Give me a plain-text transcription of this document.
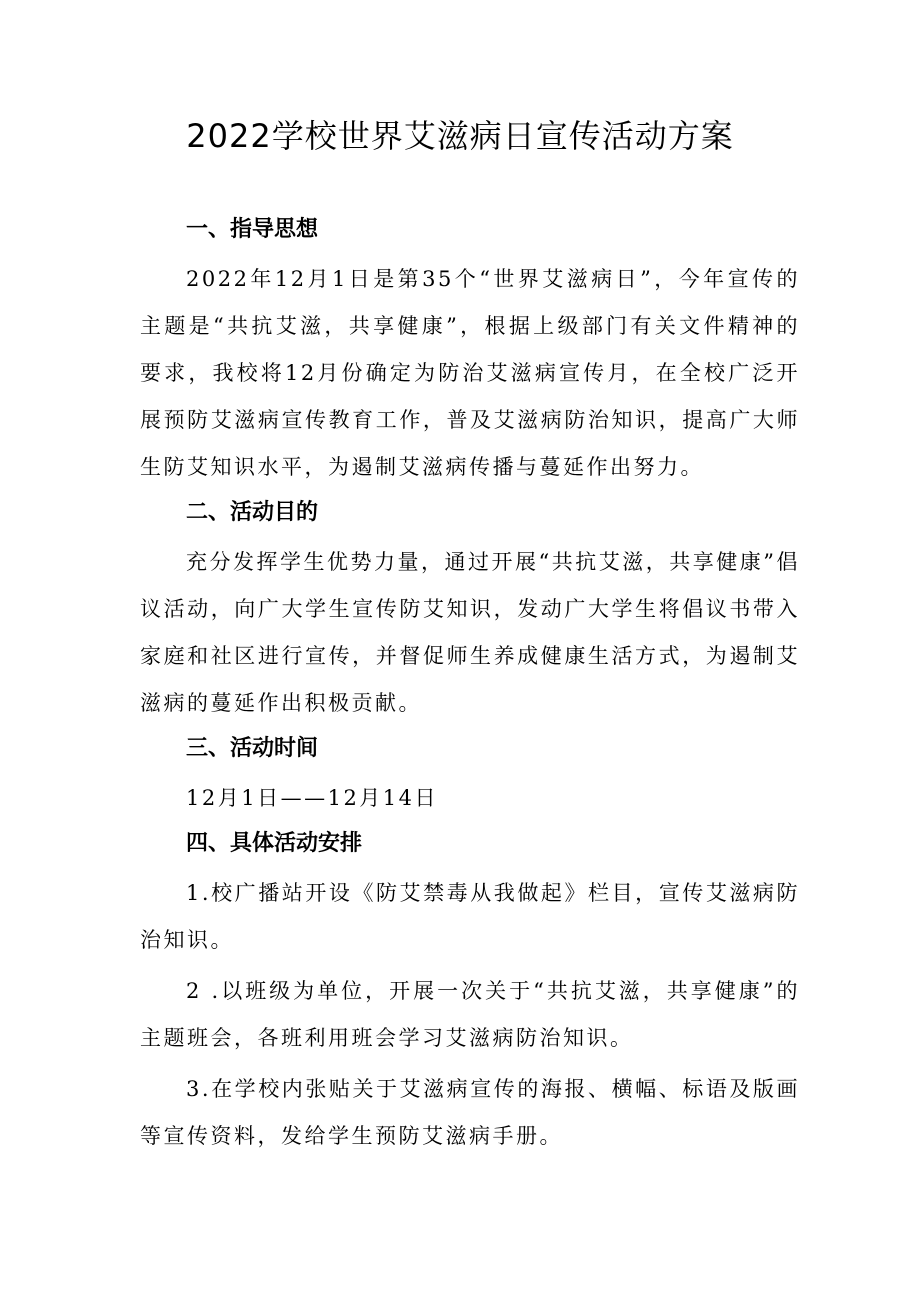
2022学校世界艾滋病日宣传活动方案
一、指导思想

2022年12月1日是第35个“世界艾滋病日”，今年宣传的主题是“共抗艾滋，共享健康”，根据上级部门有关文件精神的要求，我校将12月份确定为防治艾滋病宣传月，在全校广泛开展预防艾滋病宣传教育工作，普及艾滋病防治知识，提高广大师生防艾知识水平，为遏制艾滋病传播与蔓延作出努力。

二、活动目的

充分发挥学生优势力量，通过开展“共抗艾滋，共享健康”倡议活动，向广大学生宣传防艾知识，发动广大学生将倡议书带入家庭和社区进行宣传，并督促师生养成健康生活方式，为遏制艾滋病的蔓延作出积极贡献。

三、活动时间

12月1日——12月14日

四、具体活动安排

1.校广播站开设《防艾禁毒从我做起》栏目，宣传艾滋病防治知识。

2 .以班级为单位，开展一次关于“共抗艾滋，共享健康”的主题班会，各班利用班会学习艾滋病防治知识。

3.在学校内张贴关于艾滋病宣传的海报、横幅、标语及版画等宣传资料，发给学生预防艾滋病手册。
